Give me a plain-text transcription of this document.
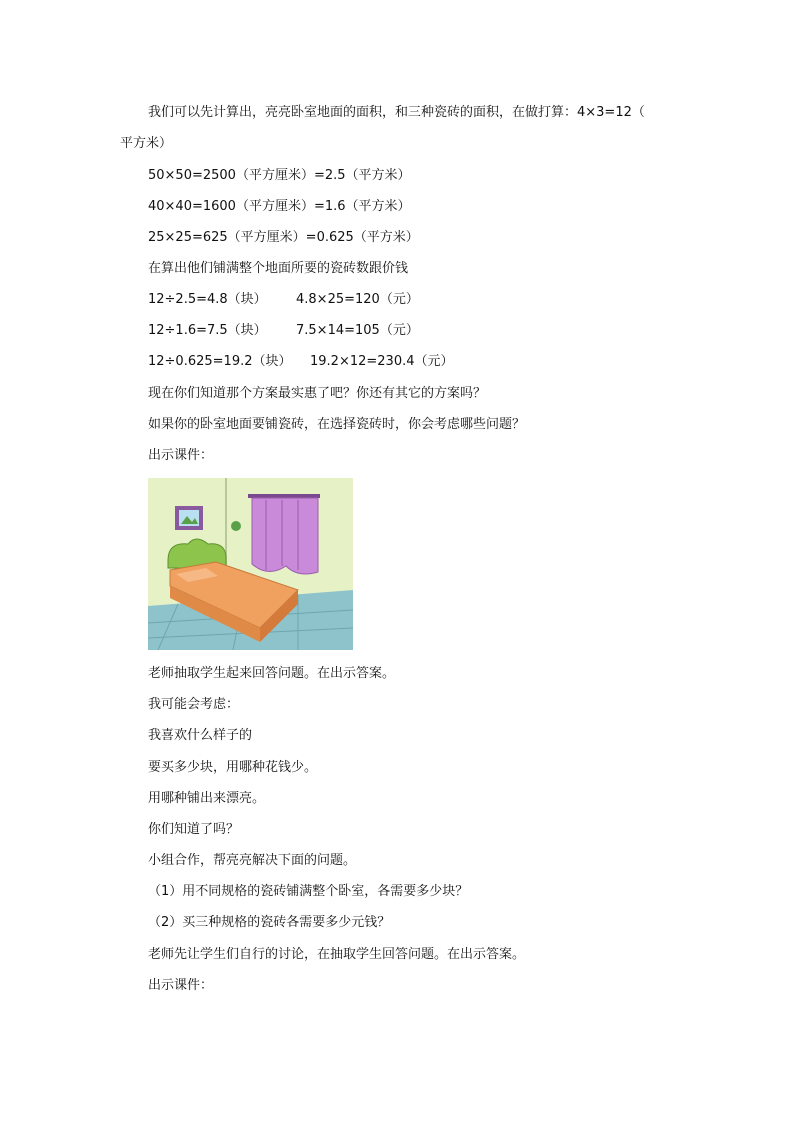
我们可以先计算出，亮亮卧室地面的面积，和三种瓷砖的面积，在做打算：4×3=12（
平方米）
50×50=2500（平方厘米）=2.5（平方米）
40×40=1600（平方厘米）=1.6（平方米）
25×25=625（平方厘米）=0.625（平方米）
在算出他们铺满整个地面所要的瓷砖数跟价钱
12÷2.5=4.8（块） 4.8×25=120（元）
12÷1.6=7.5（块） 7.5×14=105（元）
12÷0.625=19.2（块） 19.2×12=230.4（元）
现在你们知道那个方案最实惠了吧？你还有其它的方案吗？
如果你的卧室地面要铺瓷砖，在选择瓷砖时，你会考虑哪些问题？
出示课件：
老师抽取学生起来回答问题。在出示答案。
我可能会考虑：
我喜欢什么样子的
要买多少块，用哪种花钱少。
用哪种铺出来漂亮。
你们知道了吗？
小组合作，帮亮亮解决下面的问题。
（1）用不同规格的瓷砖铺满整个卧室，各需要多少块？
（2）买三种规格的瓷砖各需要多少元钱？
老师先让学生们自行的讨论，在抽取学生回答问题。在出示答案。
出示课件：
